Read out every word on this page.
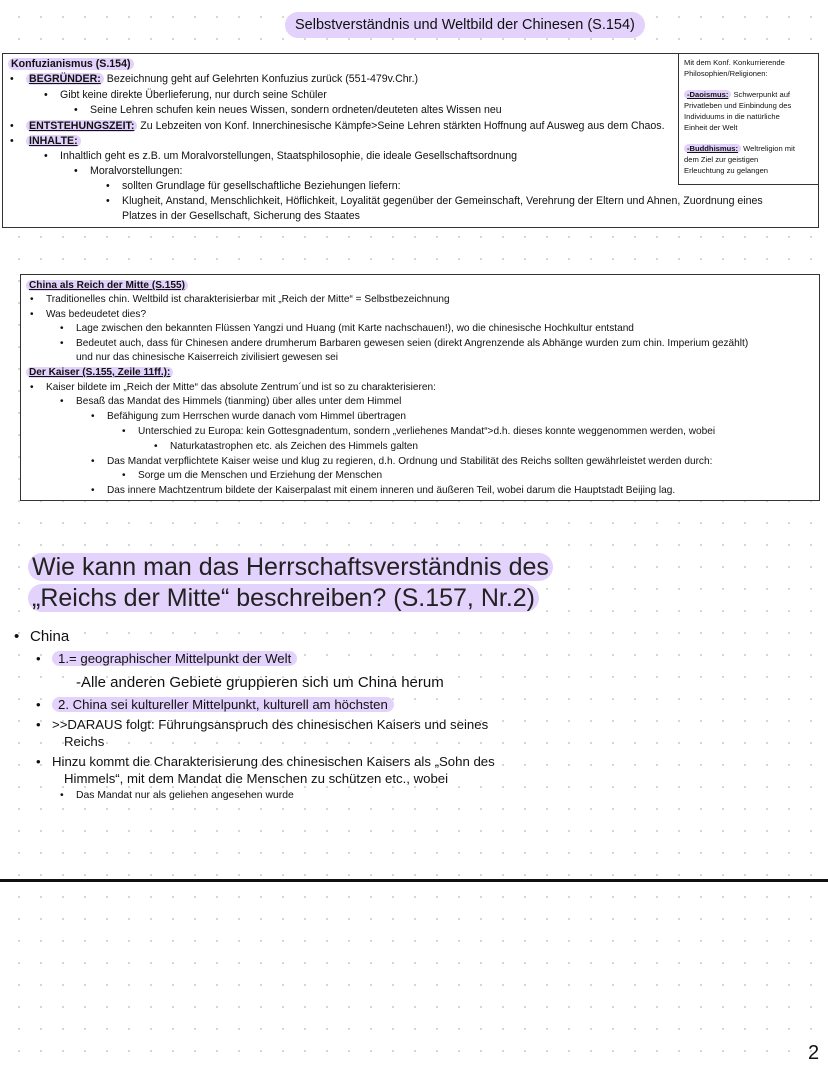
Selbstverständnis und Weltbild der Chinesen (S.154)
Konfuzianismus (S.154)
BEGRÜNDER: Bezeichnung geht auf Gelehrten Konfuzius zurück (551-479v.Chr.)
Gibt keine direkte Überlieferung, nur durch seine Schüler
Seine Lehren schufen kein neues Wissen, sondern ordneten/deuteten altes Wissen neu
ENTSTEHUNGSZEIT: Zu Lebzeiten von Konf. Innerchinesische Kämpfe>Seine Lehren stärkten Hoffnung auf Ausweg aus dem Chaos.
INHALTE:
Inhaltlich geht es z.B. um Moralvorstellungen, Staatsphilosophie, die ideale Gesellschaftsordnung
Moralvorstellungen:
sollten Grundlage für gesellschaftliche Beziehungen liefern:
Klugheit, Anstand, Menschlichkeit, Höflichkeit, Loyalität gegenüber der Gemeinschaft, Verehrung der Eltern und Ahnen, Zuordnung eines
Platzes in der Gesellschaft, Sicherung des Staates

Mit dem Konf. Konkurrierende

Philosophien/Religionen:

-Daoismus: Schwerpunkt auf

Privatleben und Einbindung des

Individuums in die natürliche

Einheit der Welt

-Buddhismus: Weltreligion mit

dem Ziel zur geistigen

Erleuchtung zu gelangen

China als Reich der Mitte (S.155)
Traditionelles chin. Weltbild ist charakterisierbar mit „Reich der Mitte“ = Selbstbezeichnung
Was bedeudetet dies?
Lage zwischen den bekannten Flüssen Yangzi und Huang (mit Karte nachschauen!), wo die chinesische Hochkultur entstand
Bedeutet auch, dass für Chinesen andere drumherum Barbaren gewesen seien (direkt Angrenzende als Abhänge wurden zum chin. Imperium gezählt)
und nur das chinesische Kaiserreich zivilisiert gewesen sei
Der Kaiser (S.155, Zeile 11ff.):
Kaiser bildete im „Reich der Mitte“ das absolute Zentrum´und ist so zu charakterisieren:
Besaß das Mandat des Himmels (tianming) über alles unter dem Himmel
Befähigung zum Herrschen wurde danach vom Himmel übertragen
Unterschied zu Europa: kein Gottesgnadentum, sondern „verliehenes Mandat“>d.h. dieses konnte weggenommen werden, wobei
Naturkatastrophen etc. als Zeichen des Himmels galten
Das Mandat verpflichtete Kaiser weise und klug zu regieren, d.h. Ordnung und Stabilität des Reichs sollten gewährleistet werden durch:
Sorge um die Menschen und Erziehung der Menschen
Das innere Machtzentrum bildete der Kaiserpalast mit einem inneren und äußeren Teil, wobei darum die Hauptstadt Beijing lag.
Wie kann man das Herrschaftsverständnis des
„Reichs der Mitte“ beschreiben? (S.157, Nr.2)
China
1.= geographischer Mittelpunkt der Welt
-Alle anderen Gebiete gruppieren sich um China herum
2. China sei kultureller Mittelpunkt, kulturell am höchsten
>>DARAUS folgt: Führungsanspruch des chinesischen Kaisers und seines
Reichs
Hinzu kommt die Charakterisierung des chinesischen Kaisers als „Sohn des
Himmels“, mit dem Mandat die Menschen zu schützen etc., wobei
Das Mandat nur als geliehen angesehen wurde
2
